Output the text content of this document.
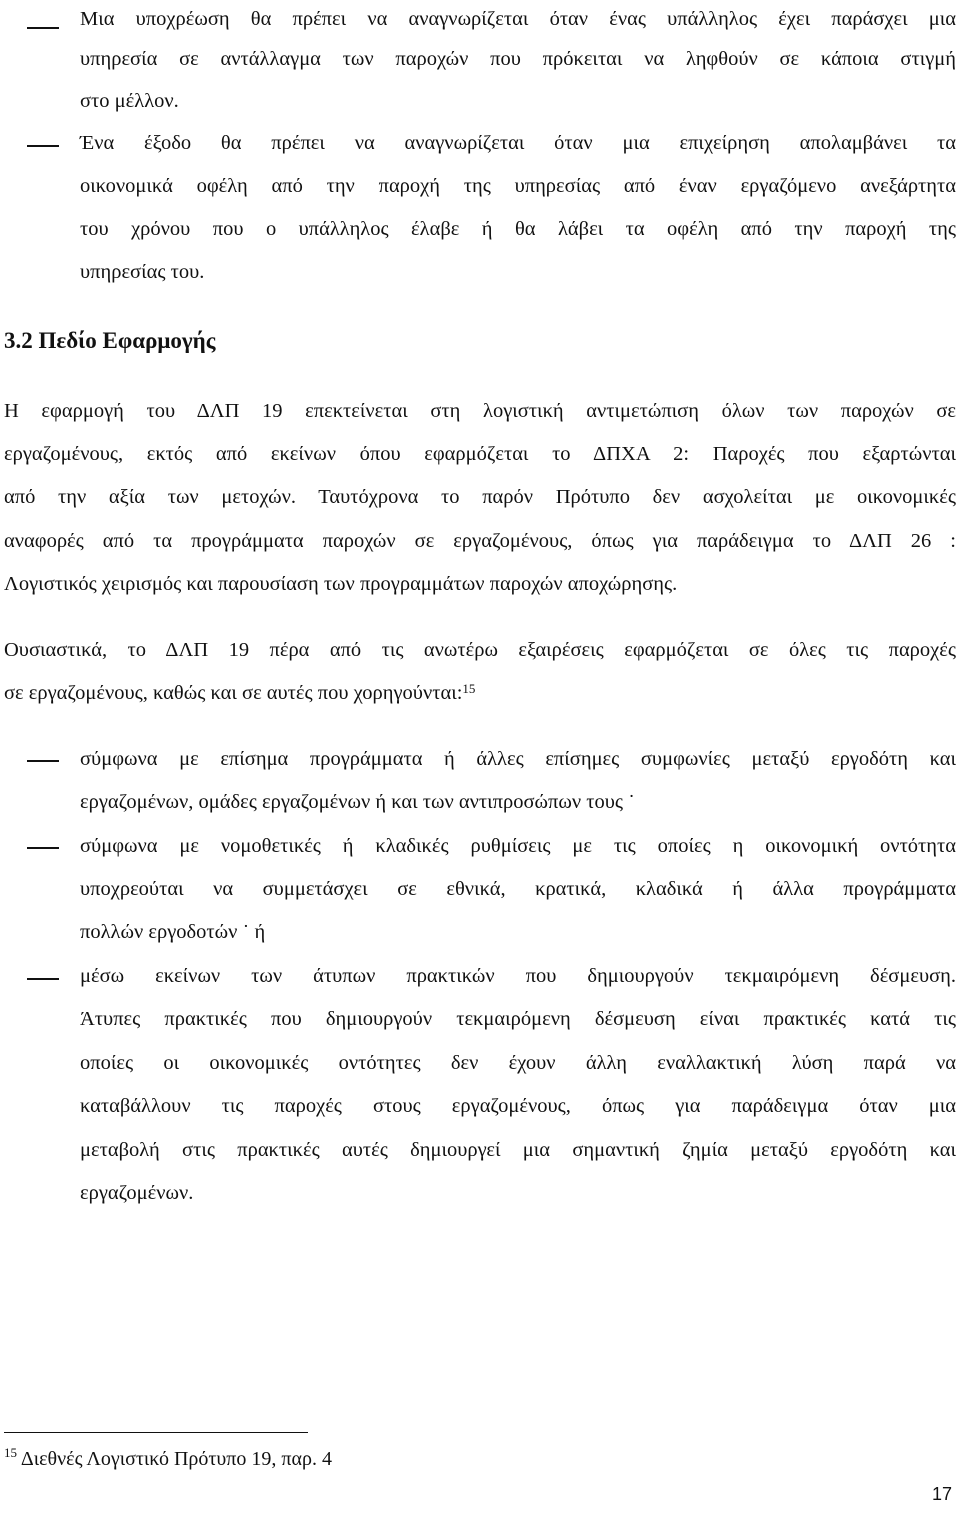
Μια υποχρέωση θα πρέπει να αναγνωρίζεται όταν ένας υπάλληλος έχει παράσχει μια
υπηρεσία σε αντάλλαγμα των παροχών που πρόκειται να ληφθούν σε κάποια στιγμή
στο μέλλον.
Ένα έξοδο θα πρέπει να αναγνωρίζεται όταν μια επιχείρηση απολαμβάνει τα
οικονομικά οφέλη από την παροχή της υπηρεσίας από έναν εργαζόμενο ανεξάρτητα
του χρόνου που ο υπάλληλος έλαβε ή θα λάβει τα οφέλη από την παροχή της
υπηρεσίας του.
3.2 Πεδίο Εφαρμογής
Η εφαρμογή του ΔΛΠ 19 επεκτείνεται στη λογιστική αντιμετώπιση όλων των παροχών σε
εργαζομένους, εκτός από εκείνων όπου εφαρμόζεται το ΔΠΧΑ 2: Παροχές που εξαρτώνται
από την αξία των μετοχών. Ταυτόχρονα το παρόν Πρότυπο δεν ασχολείται με οικονομικές
αναφορές από τα προγράμματα παροχών σε εργαζομένους, όπως για παράδειγμα το ΔΛΠ 26 :
Λογιστικός χειρισμός και παρουσίαση των προγραμμάτων παροχών αποχώρησης.
Ουσιαστικά, το ΔΛΠ 19 πέρα από τις ανωτέρω εξαιρέσεις εφαρμόζεται σε όλες τις παροχές
σε εργαζομένους, καθώς και σε αυτές που χορηγούνται:$^{15}$
σύμφωνα με επίσημα προγράμματα ή άλλες επίσημες συμφωνίες μεταξύ εργοδότη και
εργαζομένων, ομάδες εργαζομένων ή και των αντιπροσώπων τους ˙
σύμφωνα με νομοθετικές ή κλαδικές ρυθμίσεις με τις οποίες η οικονομική οντότητα
υποχρεούται να συμμετάσχει σε εθνικά, κρατικά, κλαδικά ή άλλα προγράμματα
πολλών εργοδοτών ˙ ή
μέσω εκείνων των άτυπων πρακτικών που δημιουργούν τεκμαιρόμενη δέσμευση.
Άτυπες πρακτικές που δημιουργούν τεκμαιρόμενη δέσμευση είναι πρακτικές κατά τις
οποίες οι οικονομικές οντότητες δεν έχουν άλλη εναλλακτική λύση παρά να
καταβάλλουν τις παροχές στους εργαζομένους, όπως για παράδειγμα όταν μια
μεταβολή στις πρακτικές αυτές δημιουργεί μια σημαντική ζημία μεταξύ εργοδότη και
εργαζομένων.
$^{15}$ Διεθνές Λογιστικό Πρότυπο 19, παρ. 4
17
